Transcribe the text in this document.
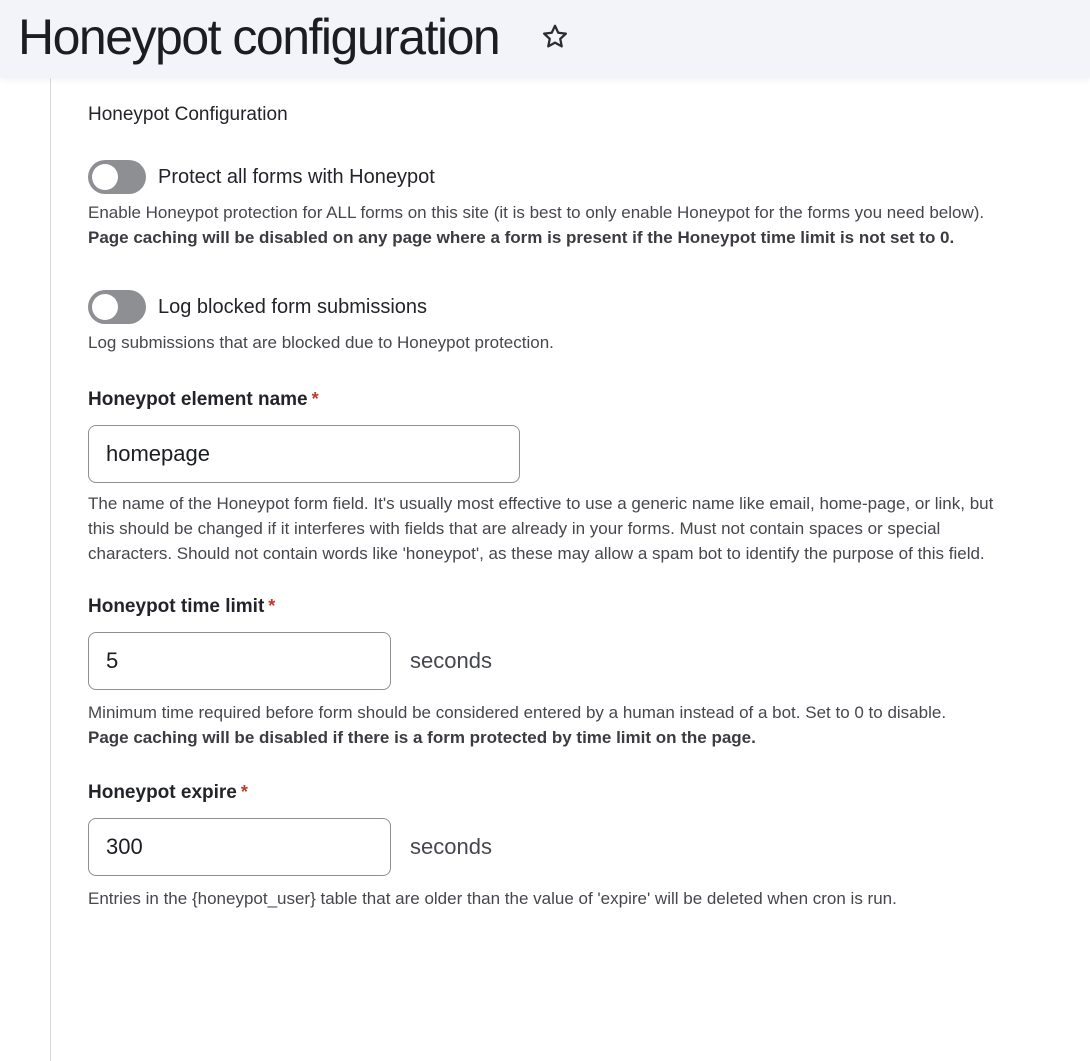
Honeypot configuration
Honeypot Configuration
Protect all forms with Honeypot
Enable Honeypot protection for ALL forms on this site (it is best to only enable Honeypot for the forms you need below).
Page caching will be disabled on any page where a form is present if the Honeypot time limit is not set to 0.
Log blocked form submissions
Log submissions that are blocked due to Honeypot protection.
Honeypot element name *
homepage
The name of the Honeypot form field. It's usually most effective to use a generic name like email, home-page, or link, but this should be changed if it interferes with fields that are already in your forms. Must not contain spaces or special characters. Should not contain words like 'honeypot', as these may allow a spam bot to identify the purpose of this field.
Honeypot time limit *
5
seconds
Minimum time required before form should be considered entered by a human instead of a bot. Set to 0 to disable.
Page caching will be disabled if there is a form protected by time limit on the page.
Honeypot expire *
300
seconds
Entries in the {honeypot_user} table that are older than the value of 'expire' will be deleted when cron is run.
